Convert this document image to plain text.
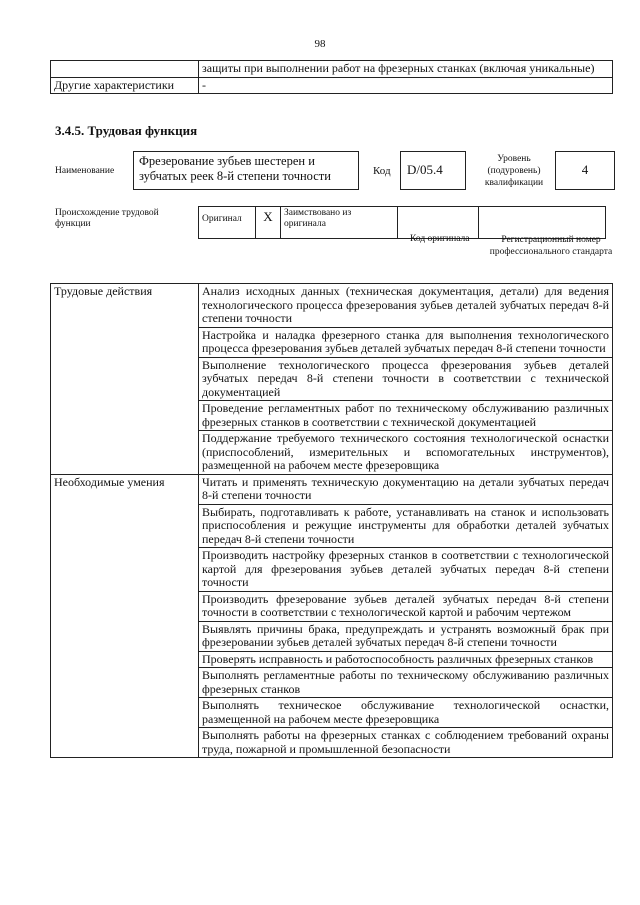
98
	защиты при выполнении работ на фрезерных станках (включая уникальные)
Другие характеристики	-
3.4.5. Трудовая функция
Наименование
Фрезерование зубьев шестерен и зубчатых реек 8-й степени точности	Код	D/05.4
Уровень (подуровень) квалификации
4
Происхождение трудовой функции	Оригинал	X	Заимствовано из оригинала		
Код оригинала	Регистрационный номер профессионального стандарта
Трудовые действия	Анализ исходных данных (техническая документация, детали) для ведения технологического процесса фрезерования зубьев деталей зубчатых передач 8-й степени точности
	Настройка и наладка фрезерного станка для выполнения технологического процесса фрезерования зубьев деталей зубчатых передач 8-й степени точности
	Выполнение технологического процесса фрезерования зубьев деталей зубчатых передач 8-й степени точности в соответствии с технической документацией
	Проведение регламентных работ по техническому обслуживанию различных фрезерных станков в соответствии с технической документацией
	Поддержание требуемого технического состояния технологической оснастки (приспособлений, измерительных и вспомогательных инструментов), размещенной на рабочем месте фрезеровщика
Необходимые умения	Читать и применять техническую документацию на детали зубчатых передач 8-й степени точности
	Выбирать, подготавливать к работе, устанавливать на станок и использовать приспособления и режущие инструменты для обработки деталей зубчатых передач 8-й степени точности
	Производить настройку фрезерных станков в соответствии с технологической картой для фрезерования зубьев деталей зубчатых передач 8-й степени точности
	Производить фрезерование зубьев деталей зубчатых передач 8-й степени точности в соответствии с технологической картой и рабочим чертежом
	Выявлять причины брака, предупреждать и устранять возможный брак при фрезеровании зубьев деталей зубчатых передач 8-й степени точности
	Проверять исправность и работоспособность различных фрезерных станков
	Выполнять регламентные работы по техническому обслуживанию различных фрезерных станков
	Выполнять техническое обслуживание технологической оснастки, размещенной на рабочем месте фрезеровщика
	Выполнять работы на фрезерных станках с соблюдением требований охраны труда, пожарной и промышленной безопасности
